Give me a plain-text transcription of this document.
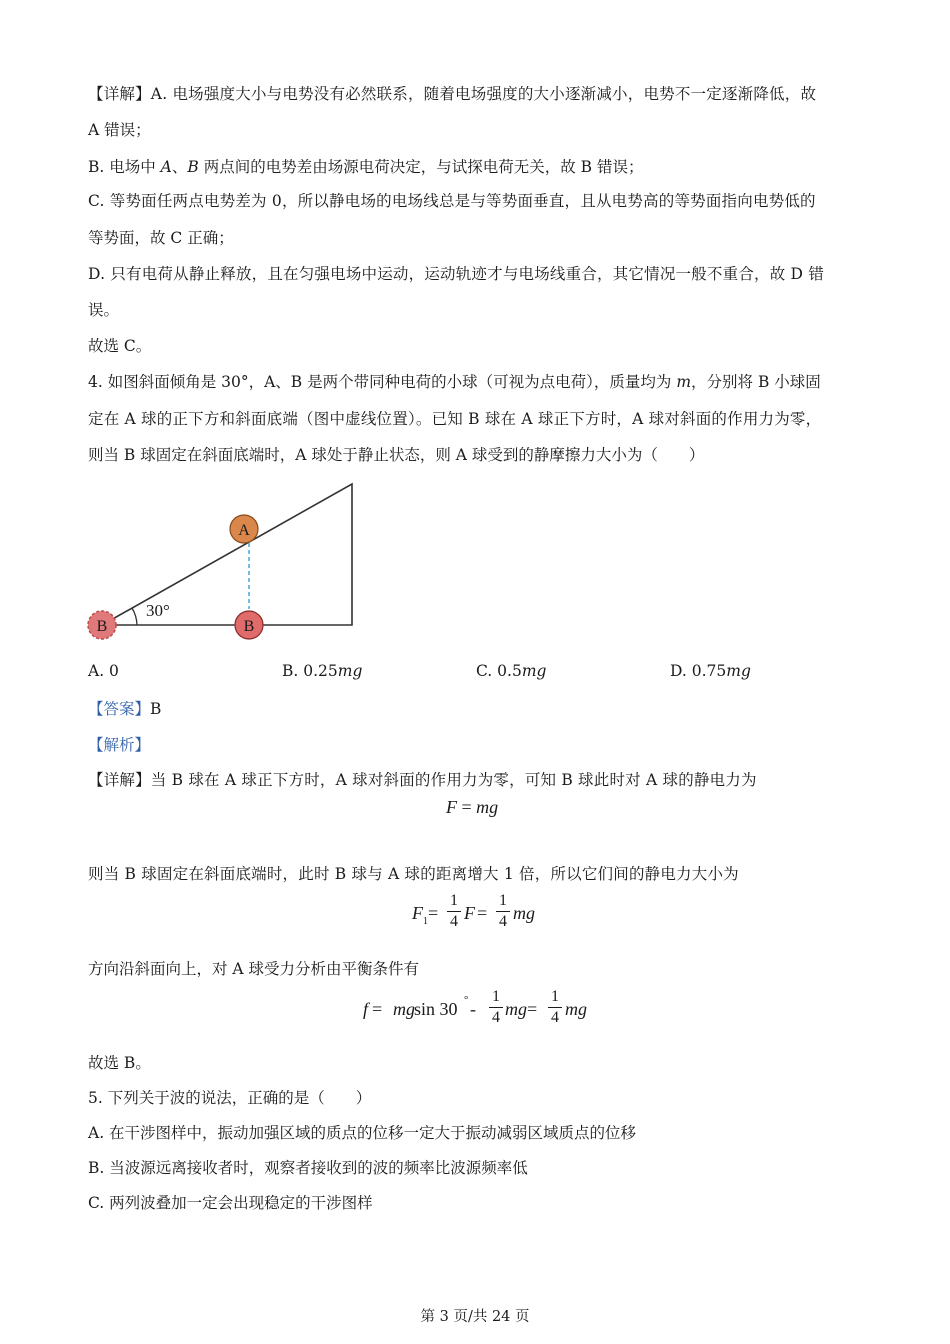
【详解】A. 电场强度大小与电势没有必然联系，随着电场强度的大小逐渐减小，电势不一定逐渐降低，故
A 错误；
B. 电场中 A、B 两点间的电势差由场源电荷决定，与试探电荷无关，故 B 错误；
C. 等势面任两点电势差为 0，所以静电场的电场线总是与等势面垂直，且从电势高的等势面指向电势低的
等势面，故 C 正确；
D. 只有电荷从静止释放，且在匀强电场中运动，运动轨迹才与电场线重合，其它情况一般不重合，故 D 错
误。
故选 C。
4. 如图斜面倾角是 30°，A、B 是两个带同种电荷的小球（可视为点电荷），质量均为 m，分别将 B 小球固
定在 A 球的正下方和斜面底端（图中虚线位置）。已知 B 球在 A 球正下方时，A 球对斜面的作用力为零，
则当 B 球固定在斜面底端时，A 球处于静止状态，则 A 球受到的静摩擦力大小为（　　）
30°
A
B
B
A. 0	B. 0.25mg	C. 0.5mg	D. 0.75mg
【答案】B
【解析】
【详解】当 B 球在 A 球正下方时，A 球对斜面的作用力为零，可知 B 球此时对 A 球的静电力为
F = mg
则当 B 球固定在斜面底端时，此时 B 球与 A 球的距离增大 1 倍，所以它们间的静电力大小为
F 1 =
1
4 F =
1
4 mg
方向沿斜面向上，对 A 球受力分析由平衡条件有
f = mg sin 30 ° -
1
4 mg =
1
4 mg
故选 B。
5. 下列关于波的说法，正确的是（　　）
A. 在干涉图样中，振动加强区域的质点的位移一定大于振动减弱区域质点的位移
B. 当波源远离接收者时，观察者接收到的波的频率比波源频率低
C. 两列波叠加一定会出现稳定的干涉图样
第 3 页/共 24 页
